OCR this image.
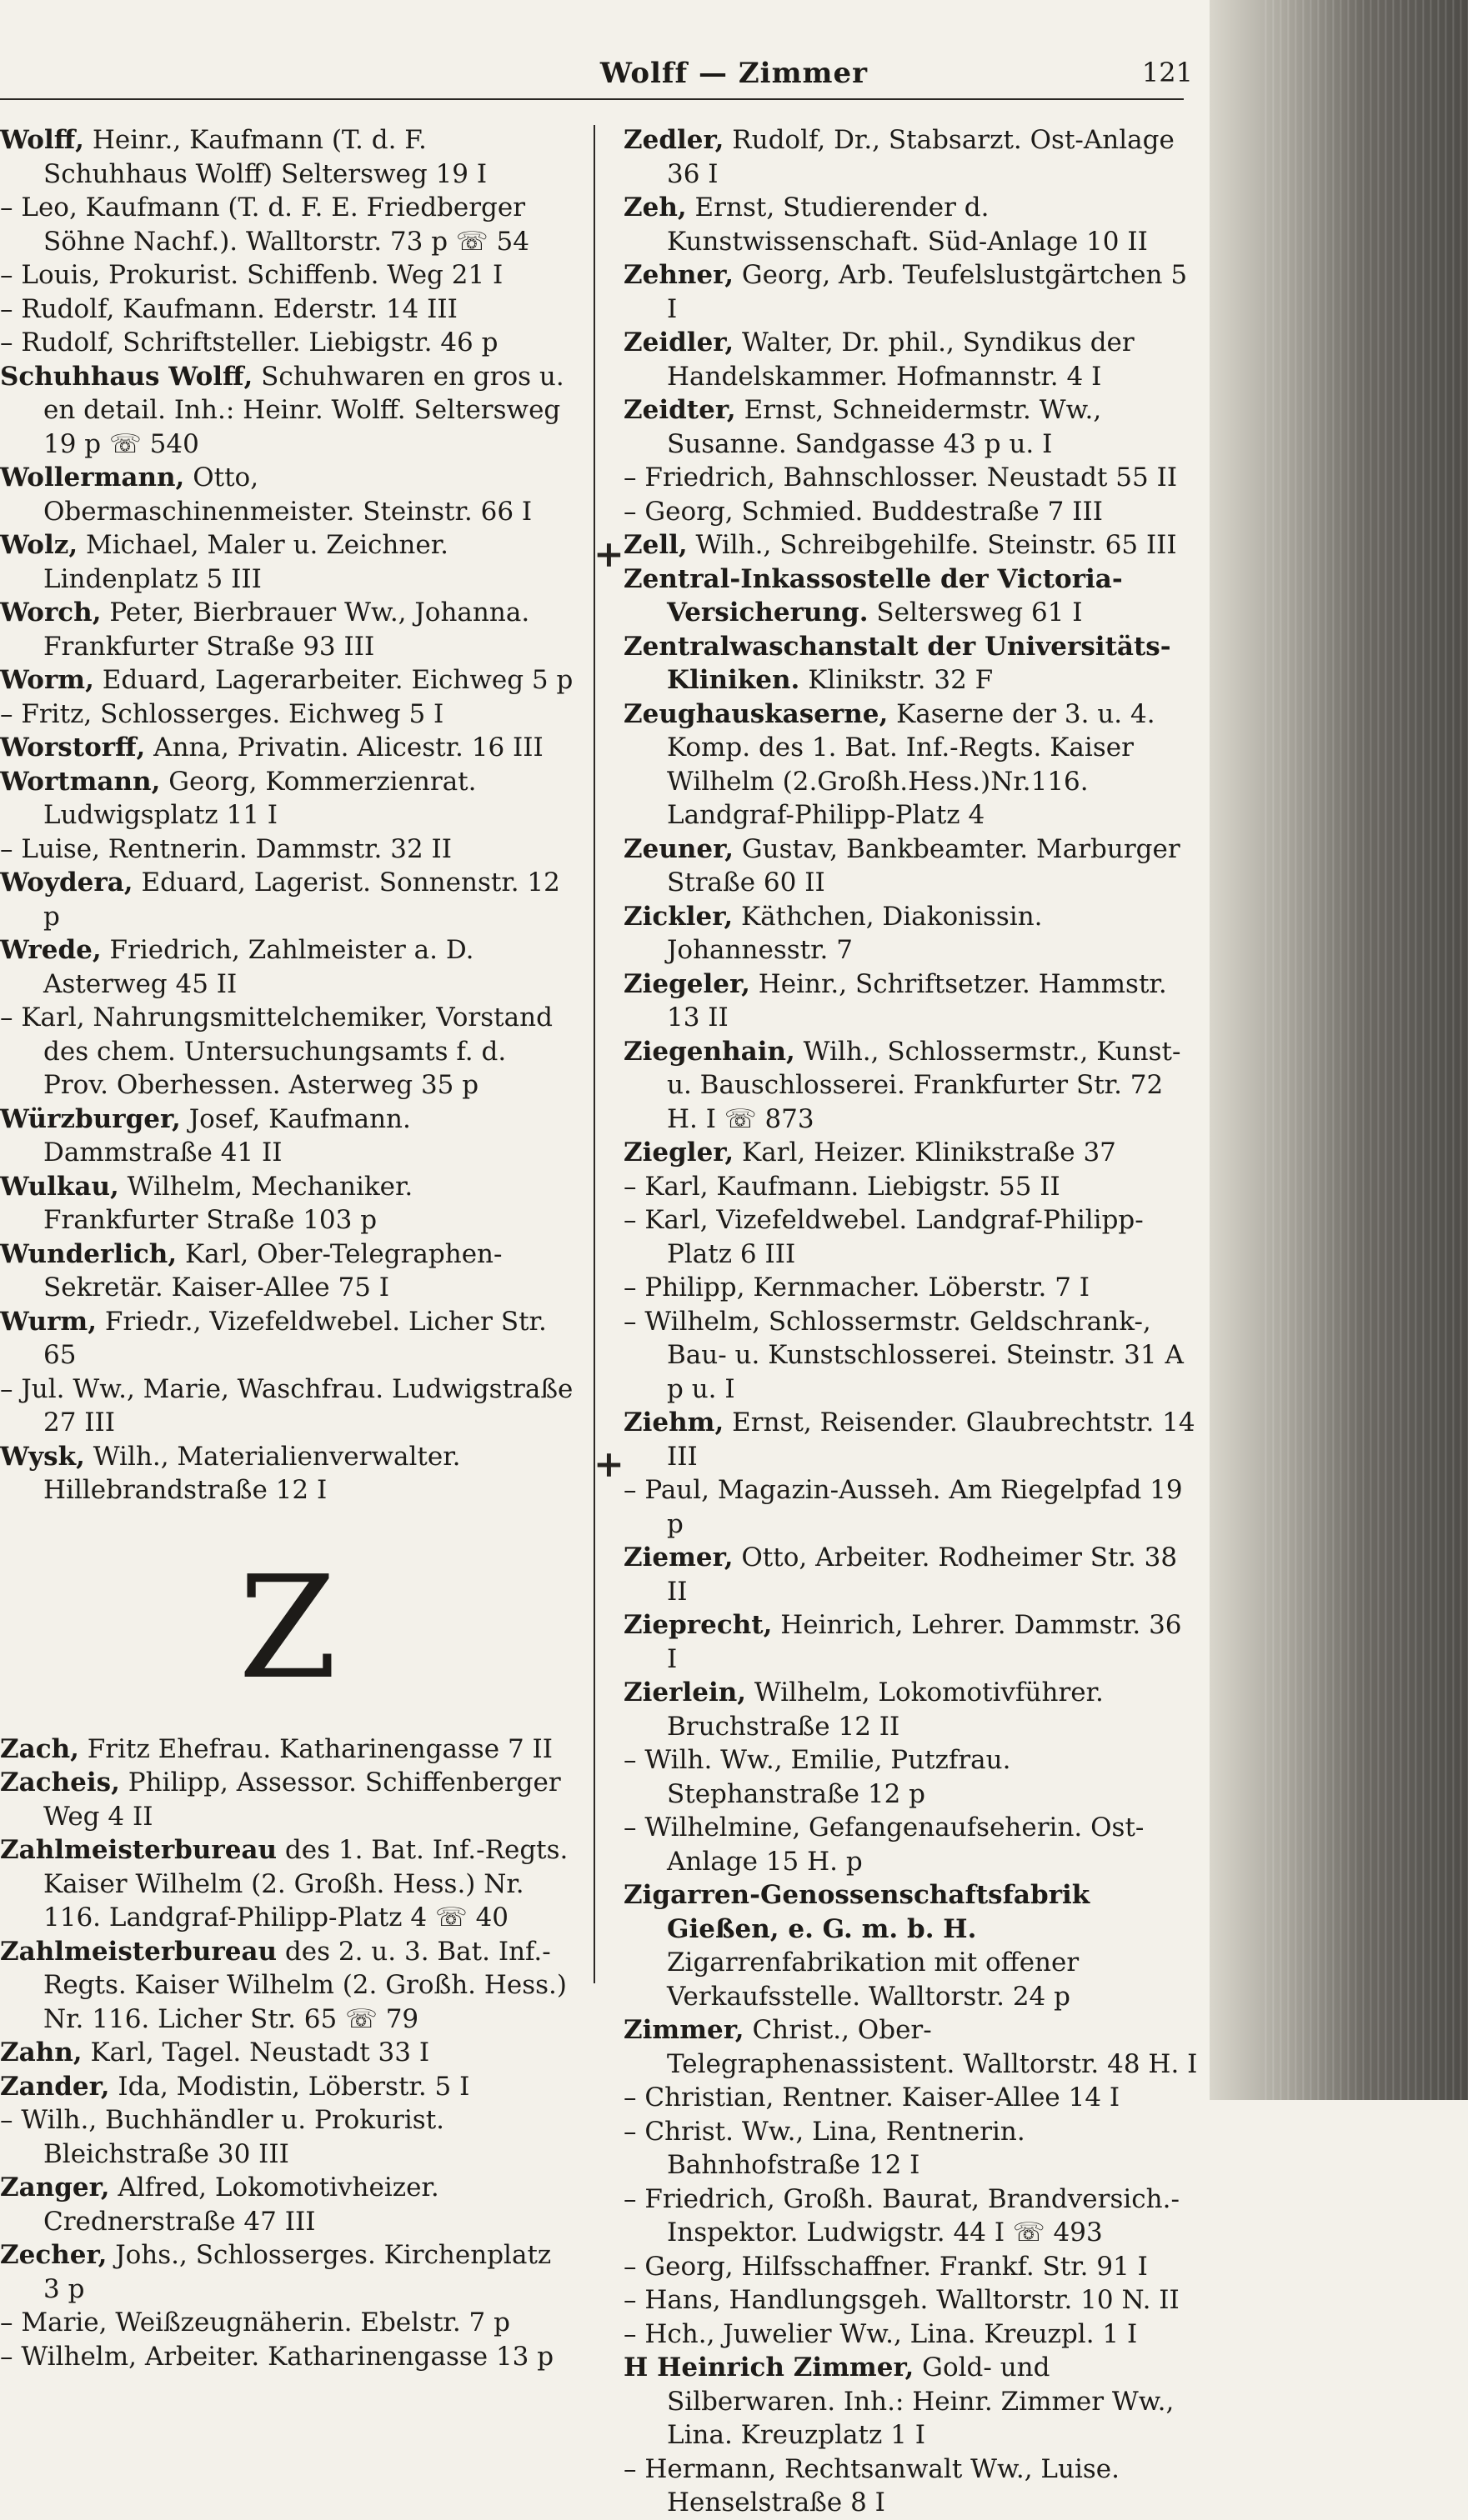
Wolff — Zimmer	121

Wolff, Heinr., Kaufmann (T. d. F. Schuhhaus Wolff) Seltersweg 19 I

– Leo, Kaufmann (T. d. F. E. Friedberger Söhne Nachf.). Walltorstr. 73 p ☏ 54

– Louis, Prokurist. Schiffenb. Weg 21 I

– Rudolf, Kaufmann. Ederstr. 14 III

– Rudolf, Schriftsteller. Liebigstr. 46 p

Schuhhaus Wolff, Schuhwaren en gros u. en detail. Inh.: Heinr. Wolff. Seltersweg 19 p ☏ 540

Wollermann, Otto, Obermaschinenmeister. Steinstr. 66 I

Wolz, Michael, Maler u. Zeichner. Lindenplatz 5 III

Worch, Peter, Bierbrauer Ww., Johanna. Frankfurter Straße 93 III

Worm, Eduard, Lagerarbeiter. Eichweg 5 p

– Fritz, Schlosserges. Eichweg 5 I

Worstorff, Anna, Privatin. Alicestr. 16 III

Wortmann, Georg, Kommerzienrat. Ludwigsplatz 11 I

– Luise, Rentnerin. Dammstr. 32 II

Woydera, Eduard, Lagerist. Sonnenstr. 12 p

Wrede, Friedrich, Zahlmeister a. D. Asterweg 45 II

– Karl, Nahrungsmittelchemiker, Vorstand des chem. Untersuchungsamts f. d. Prov. Oberhessen. Asterweg 35 p

Würzburger, Josef, Kaufmann. Dammstraße 41 II

Wulkau, Wilhelm, Mechaniker. Frankfurter Straße 103 p

Wunderlich, Karl, Ober-Telegraphen-Sekretär. Kaiser-Allee 75 I

Wurm, Friedr., Vizefeldwebel. Licher Str. 65

– Jul. Ww., Marie, Waschfrau. Ludwigstraße 27 III

Wysk, Wilh., Materialienverwalter. Hillebrandstraße 12 I

Z

Zach, Fritz Ehefrau. Katharinengasse 7 II

Zacheis, Philipp, Assessor. Schiffenberger Weg 4 II

Zahlmeisterbureau des 1. Bat. Inf.-Regts. Kaiser Wilhelm (2. Großh. Hess.) Nr. 116. Landgraf-Philipp-Platz 4 ☏ 40

Zahlmeisterbureau des 2. u. 3. Bat. Inf.-Regts. Kaiser Wilhelm (2. Großh. Hess.) Nr. 116. Licher Str. 65 ☏ 79

Zahn, Karl, Tagel. Neustadt 33 I

Zander, Ida, Modistin, Löberstr. 5 I

– Wilh., Buchhändler u. Prokurist. Bleichstraße 30 III

Zanger, Alfred, Lokomotivheizer. Crednerstraße 47 III

Zecher, Johs., Schlosserges. Kirchenplatz 3 p

– Marie, Weißzeugnäherin. Ebelstr. 7 p

– Wilhelm, Arbeiter. Katharinengasse 13 p

Zedler, Rudolf, Dr., Stabsarzt. Ost-Anlage 36 I

Zeh, Ernst, Studierender d. Kunstwissenschaft. Süd-Anlage 10 II

Zehner, Georg, Arb. Teufelslustgärtchen 5 I

Zeidler, Walter, Dr. phil., Syndikus der Handelskammer. Hofmannstr. 4 I

Zeidter, Ernst, Schneidermstr. Ww., Susanne. Sandgasse 43 p u. I

– Friedrich, Bahnschlosser. Neustadt 55 II

– Georg, Schmied. Buddestraße 7 III

Zell, Wilh., Schreibgehilfe. Steinstr. 65 III

Zentral-Inkassostelle der Victoria-Versicherung. Seltersweg 61 I

Zentralwaschanstalt der Universitäts-Kliniken. Klinikstr. 32 F

Zeughauskaserne, Kaserne der 3. u. 4. Komp. des 1. Bat. Inf.-Regts. Kaiser Wilhelm (2.Großh.Hess.)Nr.116. Landgraf-Philipp-Platz 4

Zeuner, Gustav, Bankbeamter. Marburger Straße 60 II

Zickler, Käthchen, Diakonissin. Johannesstr. 7

Ziegeler, Heinr., Schriftsetzer. Hammstr. 13 II

Ziegenhain, Wilh., Schlossermstr., Kunst- u. Bauschlosserei. Frankfurter Str. 72 H. I ☏ 873

Ziegler, Karl, Heizer. Klinikstraße 37

– Karl, Kaufmann. Liebigstr. 55 II

– Karl, Vizefeldwebel. Landgraf-Philipp-Platz 6 III

– Philipp, Kernmacher. Löberstr. 7 I

– Wilhelm, Schlossermstr. Geldschrank-, Bau- u. Kunstschlosserei. Steinstr. 31 A p u. I

Ziehm, Ernst, Reisender. Glaubrechtstr. 14 III

– Paul, Magazin-Ausseh. Am Riegelpfad 19 p

Ziemer, Otto, Arbeiter. Rodheimer Str. 38 II

Zieprecht, Heinrich, Lehrer. Dammstr. 36 I

Zierlein, Wilhelm, Lokomotivführer. Bruchstraße 12 II

– Wilh. Ww., Emilie, Putzfrau. Stephanstraße 12 p

– Wilhelmine, Gefangenaufseherin. Ost-Anlage 15 H. p

Zigarren-Genossenschaftsfabrik Gießen, e. G. m. b. H. Zigarrenfabrikation mit offener Verkaufsstelle. Walltorstr. 24 p

Zimmer, Christ., Ober-Telegraphenassistent. Walltorstr. 48 H. I

– Christian, Rentner. Kaiser-Allee 14 I

– Christ. Ww., Lina, Rentnerin. Bahnhofstraße 12 I

– Friedrich, Großh. Baurat, Brandversich.-Inspektor. Ludwigstr. 44 I ☏ 493

– Georg, Hilfsschaffner. Frankf. Str. 91 I

– Hans, Handlungsgeh. Walltorstr. 10 N. II

– Hch., Juwelier Ww., Lina. Kreuzpl. 1 I

H Heinrich Zimmer, Gold- und Silberwaren. Inh.: Heinr. Zimmer Ww., Lina. Kreuzplatz 1 I

– Hermann, Rechtsanwalt Ww., Luise. Henselstraße 8 I

+
+
